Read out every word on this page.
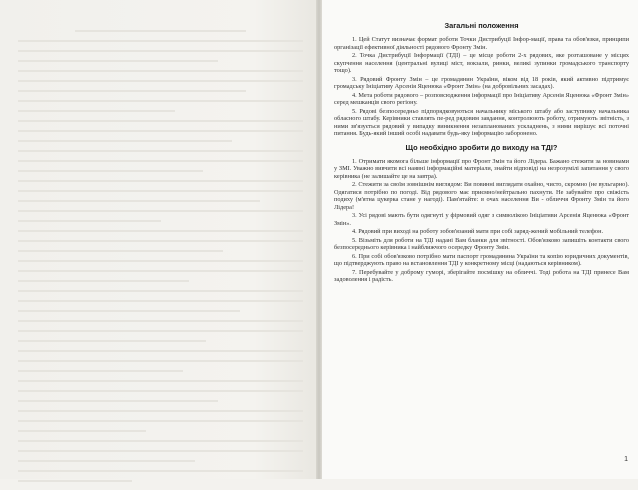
Загальні положення

1. Цей Статут визначає формат роботи Точки Дистрибуції Інфор-мації, права та обов'язки, принципи організації ефективної діяльності рядового Фронту Змін.

2. Точка Дистрибуції Інформації (ТДІ) – це місце роботи 2-х рядових, яке розташоване у місцях скупчення населення (центральні вулиці міст, вокзали, ринки, великі зупинки громадського транспорту тощо).

3. Рядовий Фронту Змін – це громадянин України, віком від 18 років, який активно підтримує громадську Ініціативу Арсенія Яценюка «Фронт Змін» (на добровільних засадах).

4. Мета роботи рядового – розповсюдження інформації про Ініціативу Арсенія Яценюка «Фронт Змін» серед мешканців свого регіону.

5. Рядові безпосередньо підпорядковуються начальнику міського штабу або заступнику начальника обласного штабу. Керівники ставлять пе-ред рядовим завдання, контролюють роботу, отримують звітність, з ними зв'язується рядовий у випадку виникнення незапланованих ускладнень, з ними вирішує всі поточні питання. Будь-який інший особі надавати будь-яку інформацію заборонено.

Що необхідно зробити до виходу на ТДІ?

1. Отримати якомога більше інформації про Фронт Змін та його Лідера. Бажано стежити за новинами у ЗМІ. Уважно вивчити всі наявні інформаційні матеріали, знайти відповіді на незрозумілі запитання у свого керівника (не залишайте це на завтра).

2. Стежити за своїм зовнішнім виглядом: Ви повинні виглядати охайно, чисто, скромно (не вульгарно). Одягатися потрібно по погоді. Від рядового має приємно/нейтрально пахнути. Не забувайте про свіжість подиху (м'ятна цукерка стане у нагоді). Пам'ятайте: в очах населення Ви - обличчя Фронту Змін та його Лідера!

3. Усі рядові мають бути одягнуті у фірмовий одяг з символікою Ініціативи Арсенія Яценюка «Фронт Змін».

4. Рядовий при виході на роботу зобов'язаний мати при собі заряд-жений мобільний телефон.

5. Візьміть для роботи на ТДІ надані Вам бланки для звітності. Обов'язково запишіть контакти свого безпосереднього керівника і найближчого осередку Фронту Змін.

6. При собі обов'язково потрібно мати паспорт громадянина України та копію юридичних документів, що підтверджують право на встановлення ТДІ у конкретному місці (надаються керівником).

7. Перебувайте у доброму гуморі, зберігайте посмішку на обличчі. Тоді робота на ТДІ принесе Вам задоволення і радість.

1
